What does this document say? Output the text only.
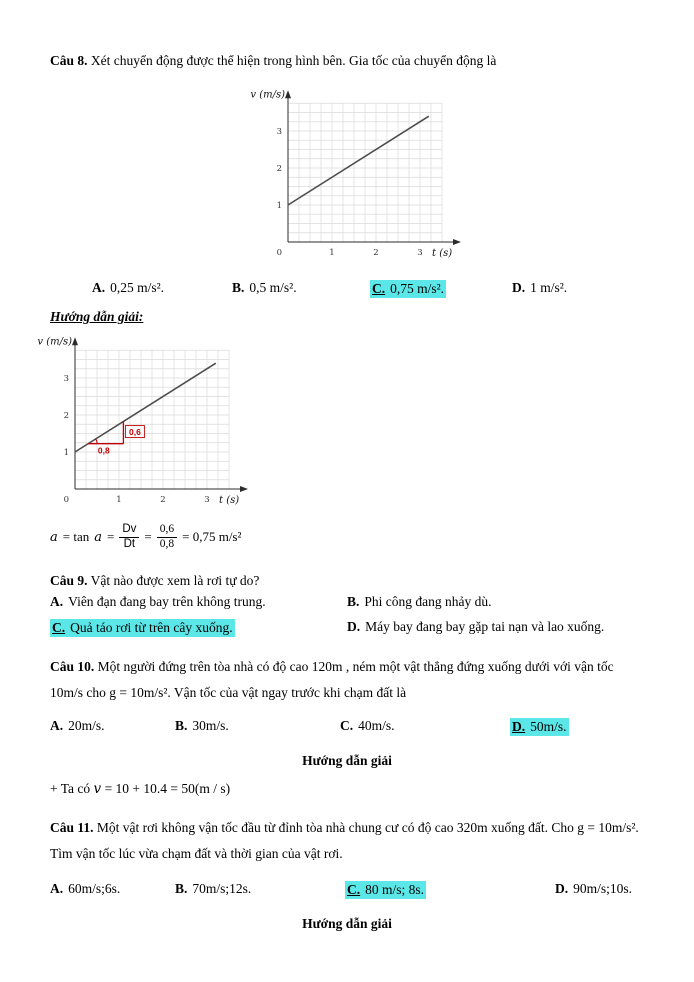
Câu 8. Xét chuyển động được thể hiện trong hình bên. Gia tốc của chuyển động là

1	2	3
1
2
3
0
v (m/s)
t (s)
A. 0,25 m/s².	B. 0,5 m/s².	C. 0,75 m/s².	D. 1 m/s².

Hướng dẫn giải:

1	2	3
1
2
3
0
v (m/s)
t (s)
0,8
0,6
$a = \tan a = \frac{Dv}{Dt} = \frac{0,6}{0,8} = 0,75$ m/s²

Câu 9. Vật nào được xem là rơi tự do?

A. Viên đạn đang bay trên không trung.	B. Phi công đang nhảy dù.
C. Quả táo rơi từ trên cây xuống.	D. Máy bay đang bay gặp tai nạn và lao xuống.

Câu 10. Một người đứng trên tòa nhà có độ cao 120m , ném một vật thẳng đứng xuống dưới với vận tốc 10m/s cho g = 10m/s². Vận tốc của vật ngay trước khi chạm đất là

A. 20m/s.	B. 30m/s.	C. 40m/s.	D. 50m/s.

Hướng dẫn giải

+ Ta có v = 10 + 10.4 = 50(m / s)

Câu 11. Một vật rơi không vận tốc đầu từ đỉnh tòa nhà chung cư có độ cao 320m xuống đất. Cho g = 10m/s². Tìm vận tốc lúc vừa chạm đất và thời gian của vật rơi.

A. 60m/s;6s.	B. 70m/s;12s.	C. 80 m/s; 8s.	D. 90m/s;10s.

Hướng dẫn giải
